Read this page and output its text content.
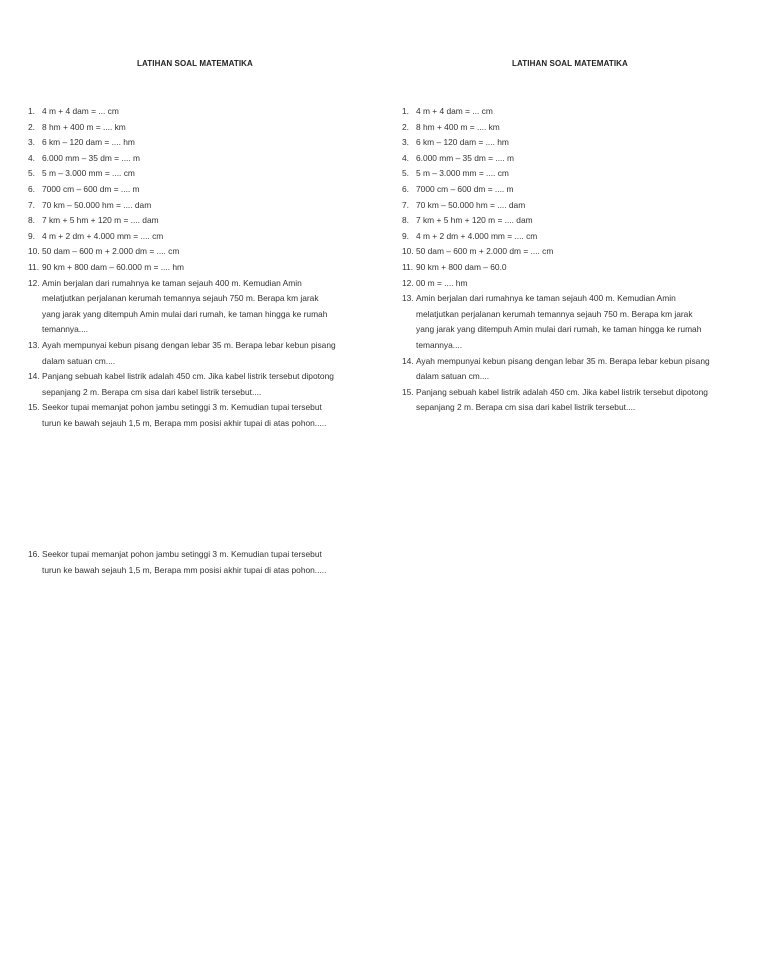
LATIHAN SOAL MATEMATIKA	LATIHAN SOAL MATEMATIKA
1. 4 m + 4 dam = ... cm
2. 8 hm + 400 m = .... km
3. 6 km – 120 dam = .... hm
4. 6.000 mm – 35 dm = .... m
5. 5 m – 3.000 mm = .... cm
6. 7000 cm – 600 dm = .... m
7. 70 km – 50.000 hm = .... dam
8. 7 km + 5 hm + 120 m = .... dam
9. 4 m + 2 dm + 4.000 mm = .... cm
10. 50 dam – 600 m + 2.000 dm = .... cm
11. 90 km + 800 dam – 60.000 m = .... hm
12. Amin berjalan dari rumahnya ke taman sejauh 400 m. Kemudian Amin
melatjutkan perjalanan kerumah temannya sejauh 750 m. Berapa km jarak
yang jarak yang ditempuh Amin mulai dari rumah, ke taman hingga ke rumah
temannya....
13. Ayah mempunyai kebun pisang dengan lebar 35 m. Berapa lebar kebun pisang
dalam satuan cm....
14. Panjang sebuah kabel listrik adalah 450 cm. Jika kabel listrik tersebut dipotong
sepanjang 2 m. Berapa cm sisa dari kabel listrik tersebut....
15. Seekor tupai memanjat pohon jambu setinggi 3 m. Kemudian tupai tersebut
turun ke bawah sejauh 1,5 m, Berapa mm posisi akhir tupai di atas pohon.....
1. 4 m + 4 dam = ... cm
2. 8 hm + 400 m = .... km
3. 6 km – 120 dam = .... hm
4. 6.000 mm – 35 dm = .... m
5. 5 m – 3.000 mm = .... cm
6. 7000 cm – 600 dm = .... m
7. 70 km – 50.000 hm = .... dam
8. 7 km + 5 hm + 120 m = .... dam
9. 4 m + 2 dm + 4.000 mm = .... cm
10. 50 dam – 600 m + 2.000 dm = .... cm
11. 90 km + 800 dam – 60.0
12. 00 m = .... hm
13. Amin berjalan dari rumahnya ke taman sejauh 400 m. Kemudian Amin
melatjutkan perjalanan kerumah temannya sejauh 750 m. Berapa km jarak
yang jarak yang ditempuh Amin mulai dari rumah, ke taman hingga ke rumah
temannya....
14. Ayah mempunyai kebun pisang dengan lebar 35 m. Berapa lebar kebun pisang
dalam satuan cm....
15. Panjang sebuah kabel listrik adalah 450 cm. Jika kabel listrik tersebut dipotong
sepanjang 2 m. Berapa cm sisa dari kabel listrik tersebut....
16. Seekor tupai memanjat pohon jambu setinggi 3 m. Kemudian tupai tersebut
turun ke bawah sejauh 1,5 m, Berapa mm posisi akhir tupai di atas pohon.....
